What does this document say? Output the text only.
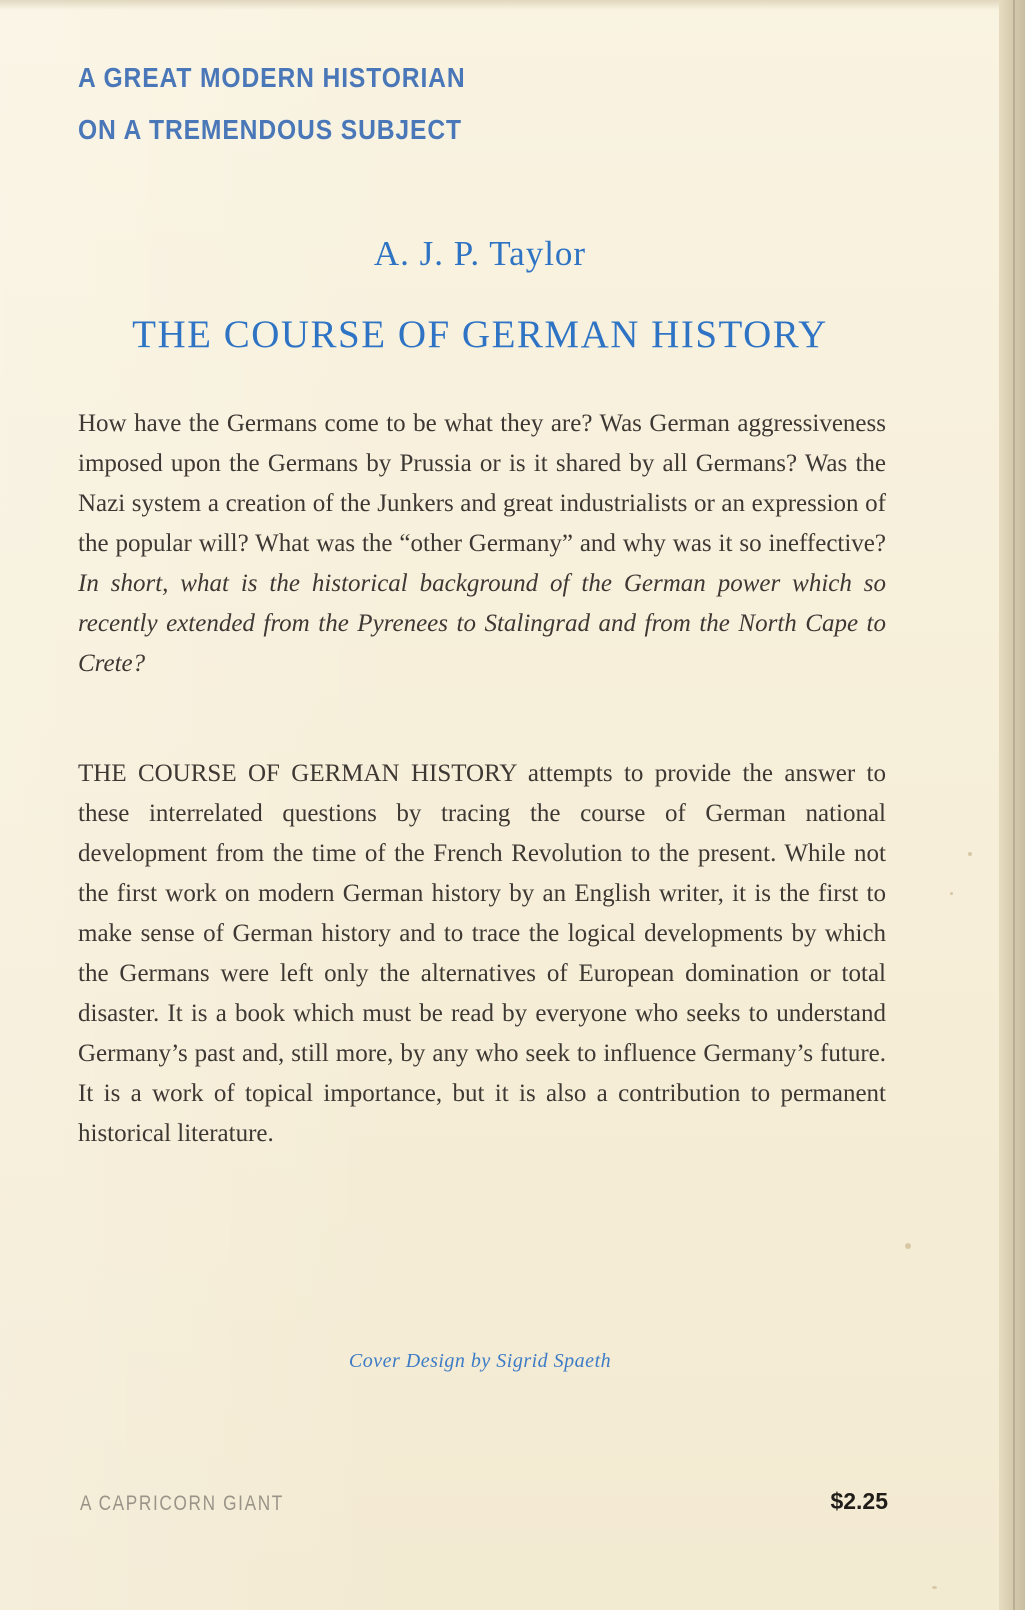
A GREAT MODERN HISTORIAN
ON A TREMENDOUS SUBJECT
A. J. P. Taylor
THE COURSE OF GERMAN HISTORY
How have the Germans come to be what they are? Was German aggressiveness imposed upon the Germans by Prussia or is it shared by all Germans? Was the Nazi system a creation of the Junkers and great industrialists or an expression of the popular will? What was the “other Germany” and why was it so ineffective? In short, what is the historical background of the German power which so recently extended from the Pyrenees to Stalingrad and from the North Cape to Crete?
THE COURSE OF GERMAN HISTORY attempts to provide the answer to these interrelated questions by tracing the course of German national development from the time of the French Revolution to the present. While not the first work on modern German history by an English writer, it is the first to make sense of German history and to trace the logical developments by which the Germans were left only the alternatives of European domination or total disaster. It is a book which must be read by everyone who seeks to understand Germany’s past and, still more, by any who seek to influence Germany’s future. It is a work of topical importance, but it is also a contribution to permanent historical literature.
Cover Design by Sigrid Spaeth
A CAPRICORN GIANT	$2.25
